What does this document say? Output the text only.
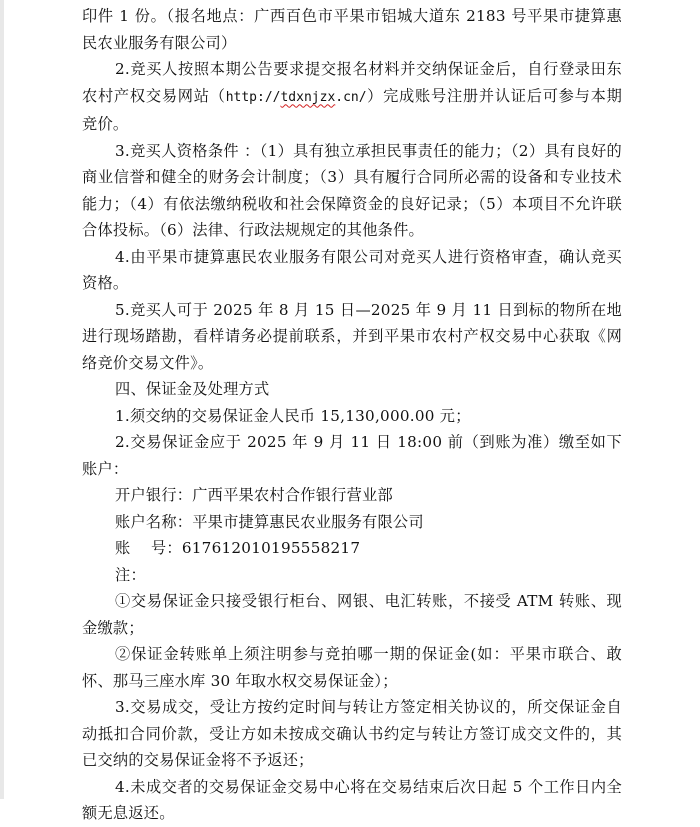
印件 1 份。（报名地点：广西百色市平果市铝城大道东 2183 号平果市捷算惠民农业服务有限公司）

2.竞买人按照本期公告要求提交报名材料并交纳保证金后，自行登录田东农村产权交易网站（http://tdxnjzx.cn/）完成账号注册并认证后可参与本期竞价。

3.竞买人资格条件 ：（1）具有独立承担民事责任的能力；（2）具有良好的商业信誉和健全的财务会计制度；（3）具有履行合同所必需的设备和专业技术能力；（4）有依法缴纳税收和社会保障资金的良好记录；（5）本项目不允许联合体投标。（6）法律、行政法规规定的其他条件。

4.由平果市捷算惠民农业服务有限公司对竞买人进行资格审查，确认竞买资格。

5.竞买人可于 2025 年 8 月 15 日—2025 年 9 月 11 日到标的物所在地进行现场踏勘，看样请务必提前联系，并到平果市农村产权交易中心获取《网络竞价交易文件》。

四、保证金及处理方式

1.须交纳的交易保证金人民币 15,130,000.00 元；

2.交易保证金应于 2025 年 9 月 11 日 18:00 前（到账为准）缴至如下账户：

开户银行：广西平果农村合作银行营业部

账户名称：平果市捷算惠民农业服务有限公司

账　 号：617612010195558217

注：

①交易保证金只接受银行柜台、网银、电汇转账，不接受 ATM 转账、现金缴款；

②保证金转账单上须注明参与竞拍哪一期的保证金(如：平果市联合、敢怀、那马三座水库 30 年取水权交易保证金）；

3.交易成交，受让方按约定时间与转让方签定相关协议的，所交保证金自动抵扣合同价款，受让方如未按成交确认书约定与转让方签订成交文件的，其已交纳的交易保证金将不予返还；

4.未成交者的交易保证金交易中心将在交易结束后次日起 5 个工作日内全额无息返还。
